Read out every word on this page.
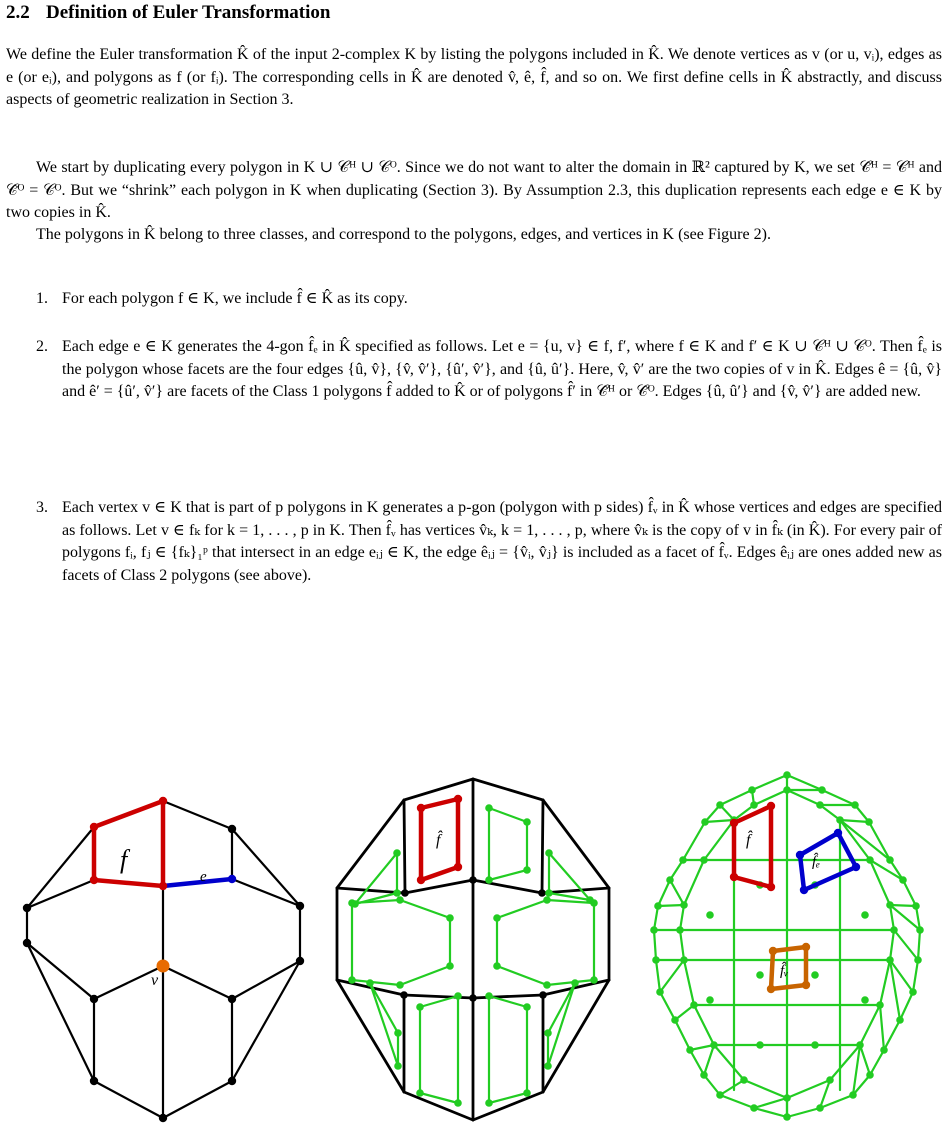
2.2 Definition of Euler Transformation

We define the Euler transformation K̂ of the input 2-complex K by listing the polygons included in K̂. We denote vertices as v (or u, vᵢ), edges as e (or eᵢ), and polygons as f (or fᵢ). The corresponding cells in K̂ are denoted v̂, ê, f̂, and so on. We first define cells in K̂ abstractly, and discuss aspects of geometric realization in Section 3.

We start by duplicating every polygon in K ∪ 𝒞ᴴ ∪ 𝒞ᴼ. Since we do not want to alter the domain in ℝ² captured by K, we set 𝒞̂ᴴ = 𝒞ᴴ and 𝒞̂ᴼ = 𝒞ᴼ. But we “shrink” each polygon in K when duplicating (Section 3). By Assumption 2.3, this duplication represents each edge e ∈ K by two copies in K̂.

The polygons in K̂ belong to three classes, and correspond to the polygons, edges, and vertices in K (see Figure 2).

1. For each polygon f ∈ K, we include f̂ ∈ K̂ as its copy.
2. Each edge e ∈ K generates the 4-gon f̂ₑ in K̂ specified as follows. Let e = {u, v} ∈ f, f′, where f ∈ K and f′ ∈ K ∪ 𝒞ᴴ ∪ 𝒞ᴼ. Then f̂ₑ is the polygon whose facets are the four edges {û, v̂}, {v̂, v̂′}, {û′, v̂′}, and {û, û′}. Here, v̂, v̂′ are the two copies of v in K̂. Edges ê = {û, v̂} and ê′ = {û′, v̂′} are facets of the Class 1 polygons f̂ added to K̂ or of polygons f̂′ in 𝒞̂ᴴ or 𝒞̂ᴼ. Edges {û, û′} and {v̂, v̂′} are added new.
3. Each vertex v ∈ K that is part of p polygons in K generates a p-gon (polygon with p sides) f̂ᵥ in K̂ whose vertices and edges are specified as follows. Let v ∈ fₖ for k = 1, . . . , p in K. Then f̂ᵥ has vertices v̂ₖ, k = 1, . . . , p, where v̂ₖ is the copy of v in f̂ₖ (in K̂). For every pair of polygons fᵢ, fⱼ ∈ {fₖ}₁ᵖ that intersect in an edge eᵢⱼ ∈ K, the edge êᵢⱼ = {v̂ᵢ, v̂ⱼ} is included as a facet of f̂ᵥ. Edges êᵢⱼ are ones added new as facets of Class 2 polygons (see above).
f
e
v
f̂	f̂
f̂ₑ
f̂ᵥ
